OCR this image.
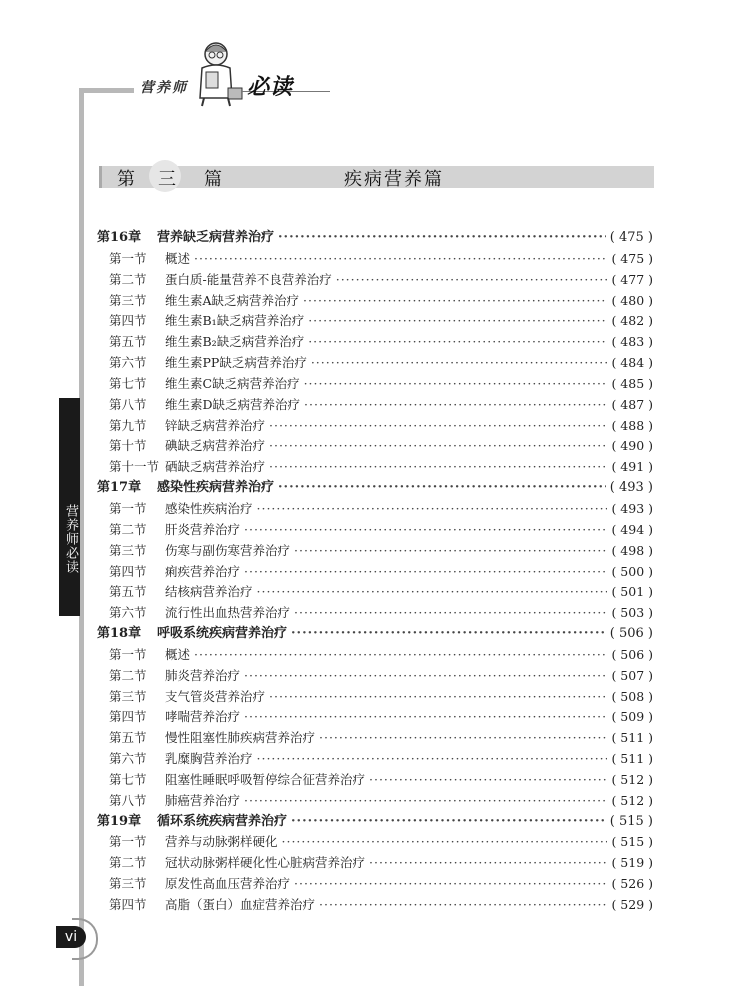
营养师	必读
营养师必读
vi
第 三 篇	疾病营养篇
第16章	营养缺乏病营养治疗 ·····	( 475 )
第一节	概述 ·····	( 475 )
第二节	蛋白质-能量营养不良营养治疗 ·····	( 477 )
第三节	维生素A缺乏病营养治疗 ·····	( 480 )
第四节	维生素B₁缺乏病营养治疗 ·····	( 482 )
第五节	维生素B₂缺乏病营养治疗 ·····	( 483 )
第六节	维生素PP缺乏病营养治疗 ·····	( 484 )
第七节	维生素C缺乏病营养治疗 ·····	( 485 )
第八节	维生素D缺乏病营养治疗 ·····	( 487 )
第九节	锌缺乏病营养治疗 ·····	( 488 )
第十节	碘缺乏病营养治疗 ·····	( 490 )
第十一节 硒缺乏病营养治疗 ·····	( 491 )
第17章	感染性疾病营养治疗 ·····	( 493 )
第一节	感染性疾病治疗 ·····	( 493 )
第二节	肝炎营养治疗 ·····	( 494 )
第三节	伤寒与副伤寒营养治疗 ·····	( 498 )
第四节	痢疾营养治疗 ·····	( 500 )
第五节	结核病营养治疗 ·····	( 501 )
第六节	流行性出血热营养治疗 ·····	( 503 )
第18章	呼吸系统疾病营养治疗 ·····	( 506 )
第一节	概述 ·····	( 506 )
第二节	肺炎营养治疗 ·····	( 507 )
第三节	支气管炎营养治疗 ·····	( 508 )
第四节	哮喘营养治疗 ·····	( 509 )
第五节	慢性阻塞性肺疾病营养治疗 ·····	( 511 )
第六节	乳糜胸营养治疗 ·····	( 511 )
第七节	阻塞性睡眠呼吸暂停综合征营养治疗 ·····	( 512 )
第八节	肺癌营养治疗 ·····	( 512 )
第19章	循环系统疾病营养治疗 ·····	( 515 )
第一节	营养与动脉粥样硬化 ·····	( 515 )
第二节	冠状动脉粥样硬化性心脏病营养治疗 ·····	( 519 )
第三节	原发性高血压营养治疗 ·····	( 526 )
第四节	高脂（蛋白）血症营养治疗 ·····	( 529 )
